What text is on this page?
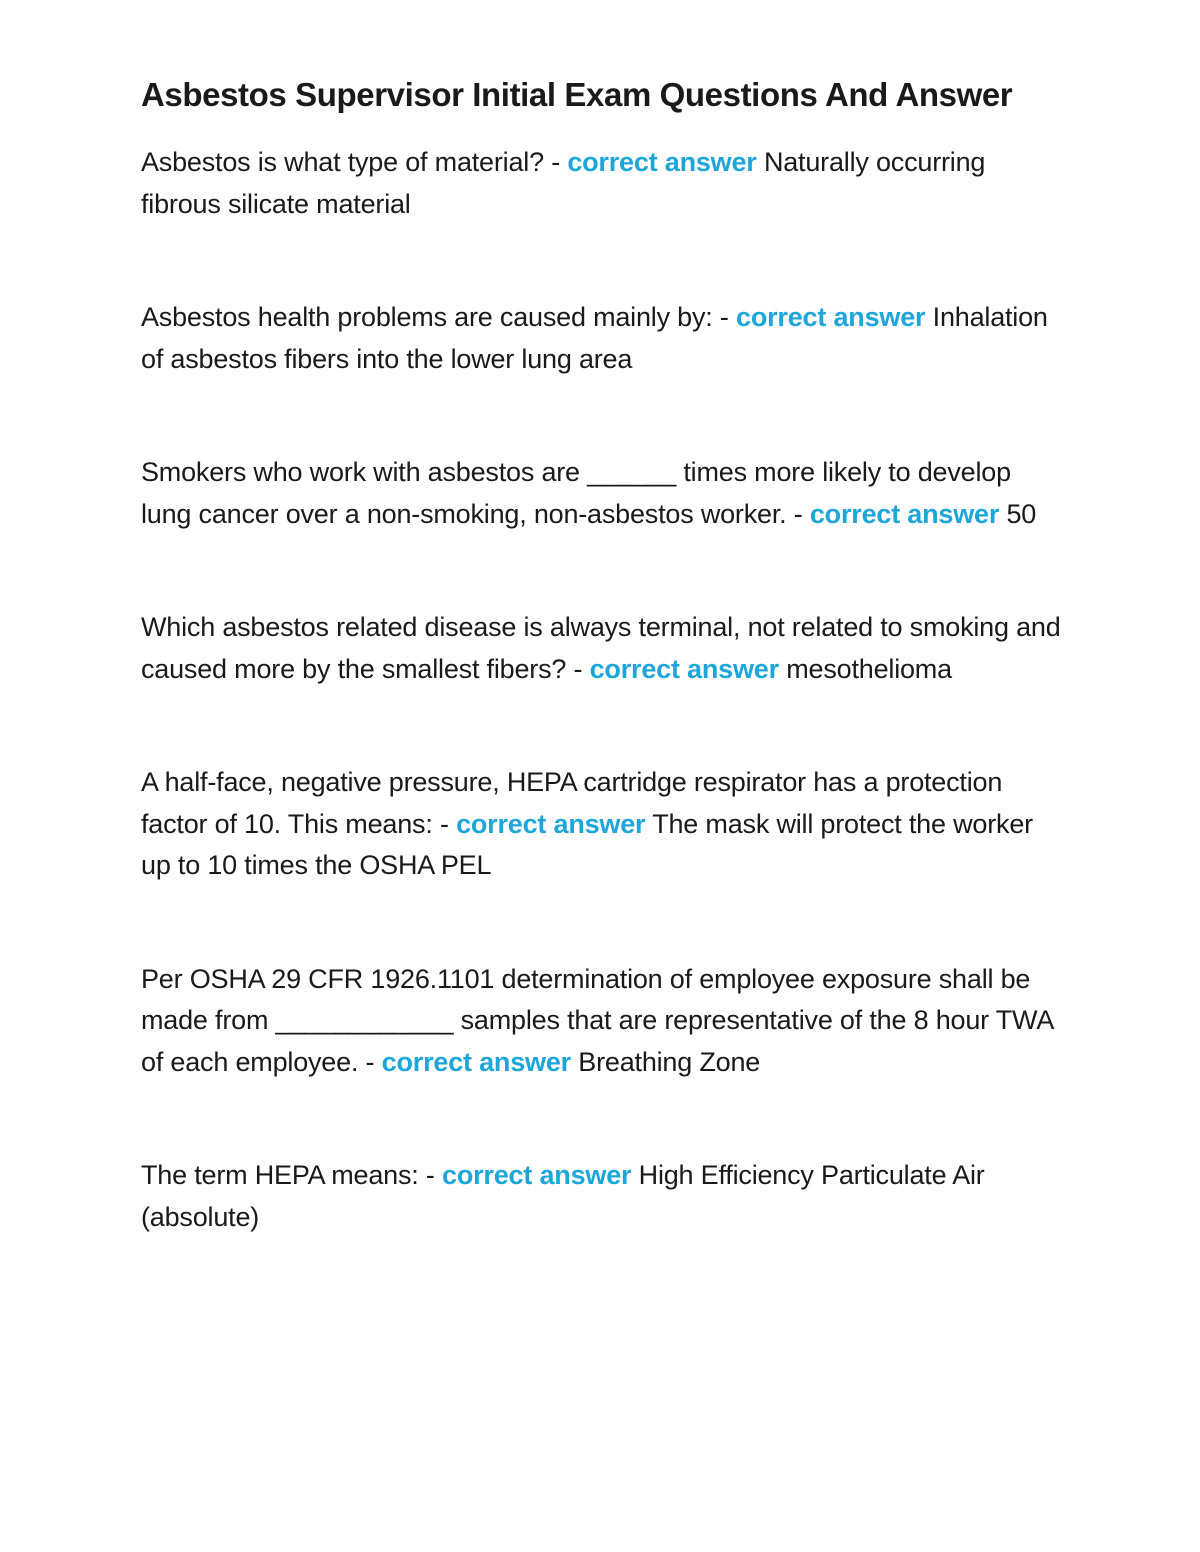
Asbestos Supervisor Initial Exam Questions And Answer

Asbestos is what type of material? - correct answer Naturally occurring fibrous silicate material

Asbestos health problems are caused mainly by: - correct answer Inhalation of asbestos fibers into the lower lung area

Smokers who work with asbestos are ______ times more likely to develop lung cancer over a non-smoking, non-asbestos worker. - correct answer 50

Which asbestos related disease is always terminal, not related to smoking and caused more by the smallest fibers? - correct answer mesothelioma

A half-face, negative pressure, HEPA cartridge respirator has a protection factor of 10. This means: - correct answer The mask will protect the worker up to 10 times the OSHA PEL

Per OSHA 29 CFR 1926.1101 determination of employee exposure shall be made from ____________ samples that are representative of the 8 hour TWA of each employee. - correct answer Breathing Zone

The term HEPA means: - correct answer High Efficiency Particulate Air (absolute)
